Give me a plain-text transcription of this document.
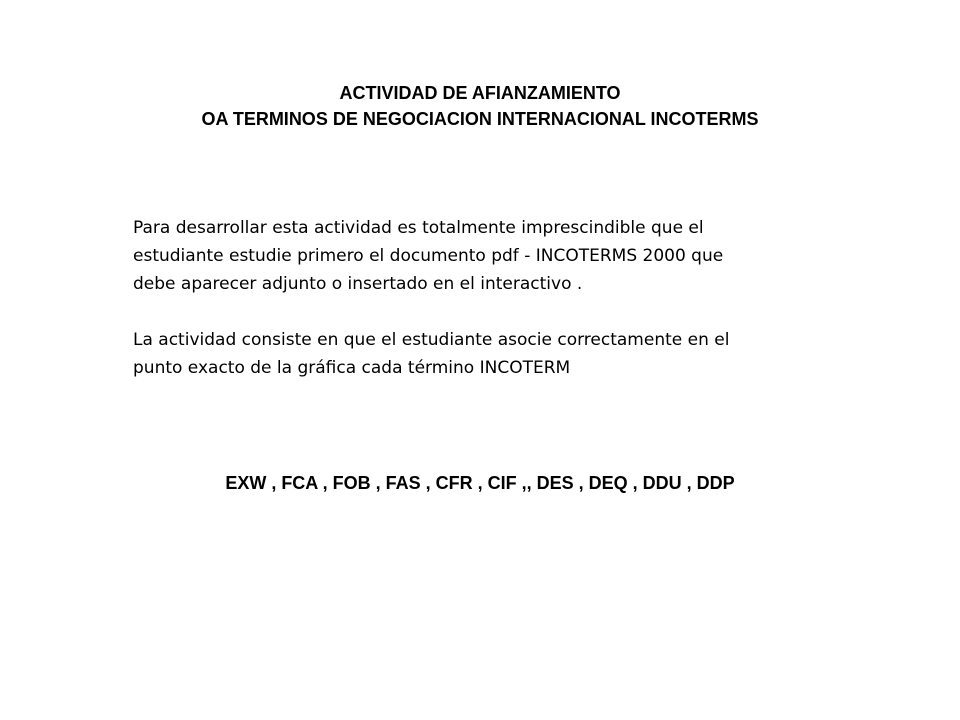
ACTIVIDAD DE AFIANZAMIENTO
OA TERMINOS DE NEGOCIACION INTERNACIONAL INCOTERMS
Para desarrollar esta actividad es totalmente imprescindible que el
estudiante estudie primero el documento pdf - INCOTERMS 2000 que
debe aparecer adjunto o insertado en el interactivo .
La actividad consiste en que el estudiante asocie correctamente en el
punto exacto de la gráfica cada término INCOTERM
EXW , FCA , FOB , FAS , CFR , CIF ,, DES , DEQ , DDU , DDP
